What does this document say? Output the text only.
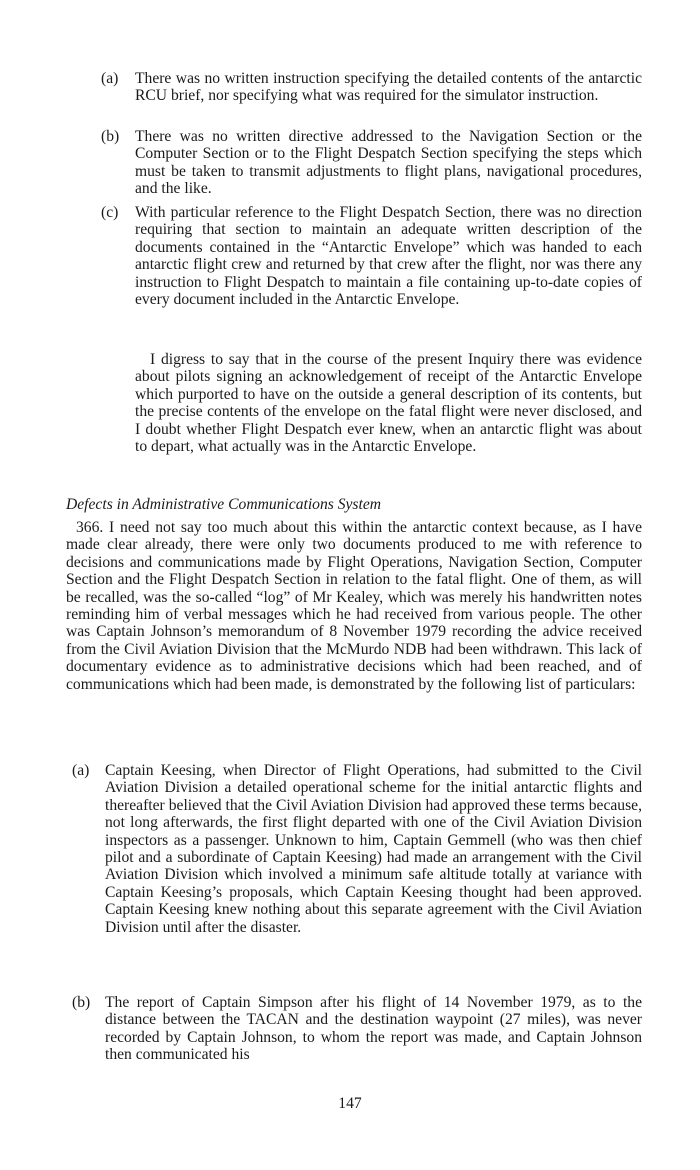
(a) There was no written instruction specifying the detailed contents of the antarctic RCU brief, nor specifying what was required for the simulator instruction.
(b) There was no written directive addressed to the Navigation Section or the Computer Section or to the Flight Despatch Section specifying the steps which must be taken to transmit adjustments to flight plans, navigational procedures, and the like.
(c) With particular reference to the Flight Despatch Section, there was no direction requiring that section to maintain an adequate written description of the documents contained in the “Antarctic Envelope” which was handed to each antarctic flight crew and returned by that crew after the flight, nor was there any instruction to Flight Despatch to maintain a file containing up-to-date copies of every document included in the Antarctic Envelope.

I digress to say that in the course of the present Inquiry there was evidence about pilots signing an acknowledgement of receipt of the Antarctic Envelope which purported to have on the outside a general description of its contents, but the precise contents of the envelope on the fatal flight were never disclosed, and I doubt whether Flight Despatch ever knew, when an antarctic flight was about to depart, what actually was in the Antarctic Envelope.

Defects in Administrative Communications System

366. I need not say too much about this within the antarctic context because, as I have made clear already, there were only two documents produced to me with reference to decisions and communications made by Flight Operations, Navigation Section, Computer Section and the Flight Despatch Section in relation to the fatal flight. One of them, as will be recalled, was the so-called “log” of Mr Kealey, which was merely his handwritten notes reminding him of verbal messages which he had received from various people. The other was Captain Johnson’s memorandum of 8 November 1979 recording the advice received from the Civil Aviation Division that the McMurdo NDB had been withdrawn. This lack of documentary evidence as to administrative decisions which had been reached, and of communications which had been made, is demonstrated by the following list of particulars:

(a) Captain Keesing, when Director of Flight Operations, had submitted to the Civil Aviation Division a detailed operational scheme for the initial antarctic flights and thereafter believed that the Civil Aviation Division had approved these terms because, not long afterwards, the first flight departed with one of the Civil Aviation Division inspectors as a passenger. Unknown to him, Captain Gemmell (who was then chief pilot and a subordinate of Captain Keesing) had made an arrangement with the Civil Aviation Division which involved a minimum safe altitude totally at variance with Captain Keesing’s proposals, which Captain Keesing thought had been approved. Captain Keesing knew nothing about this separate agreement with the Civil Aviation Division until after the disaster.
(b) The report of Captain Simpson after his flight of 14 November 1979, as to the distance between the TACAN and the destination waypoint (27 miles), was never recorded by Captain Johnson, to whom the report was made, and Captain Johnson then communicated his

147
